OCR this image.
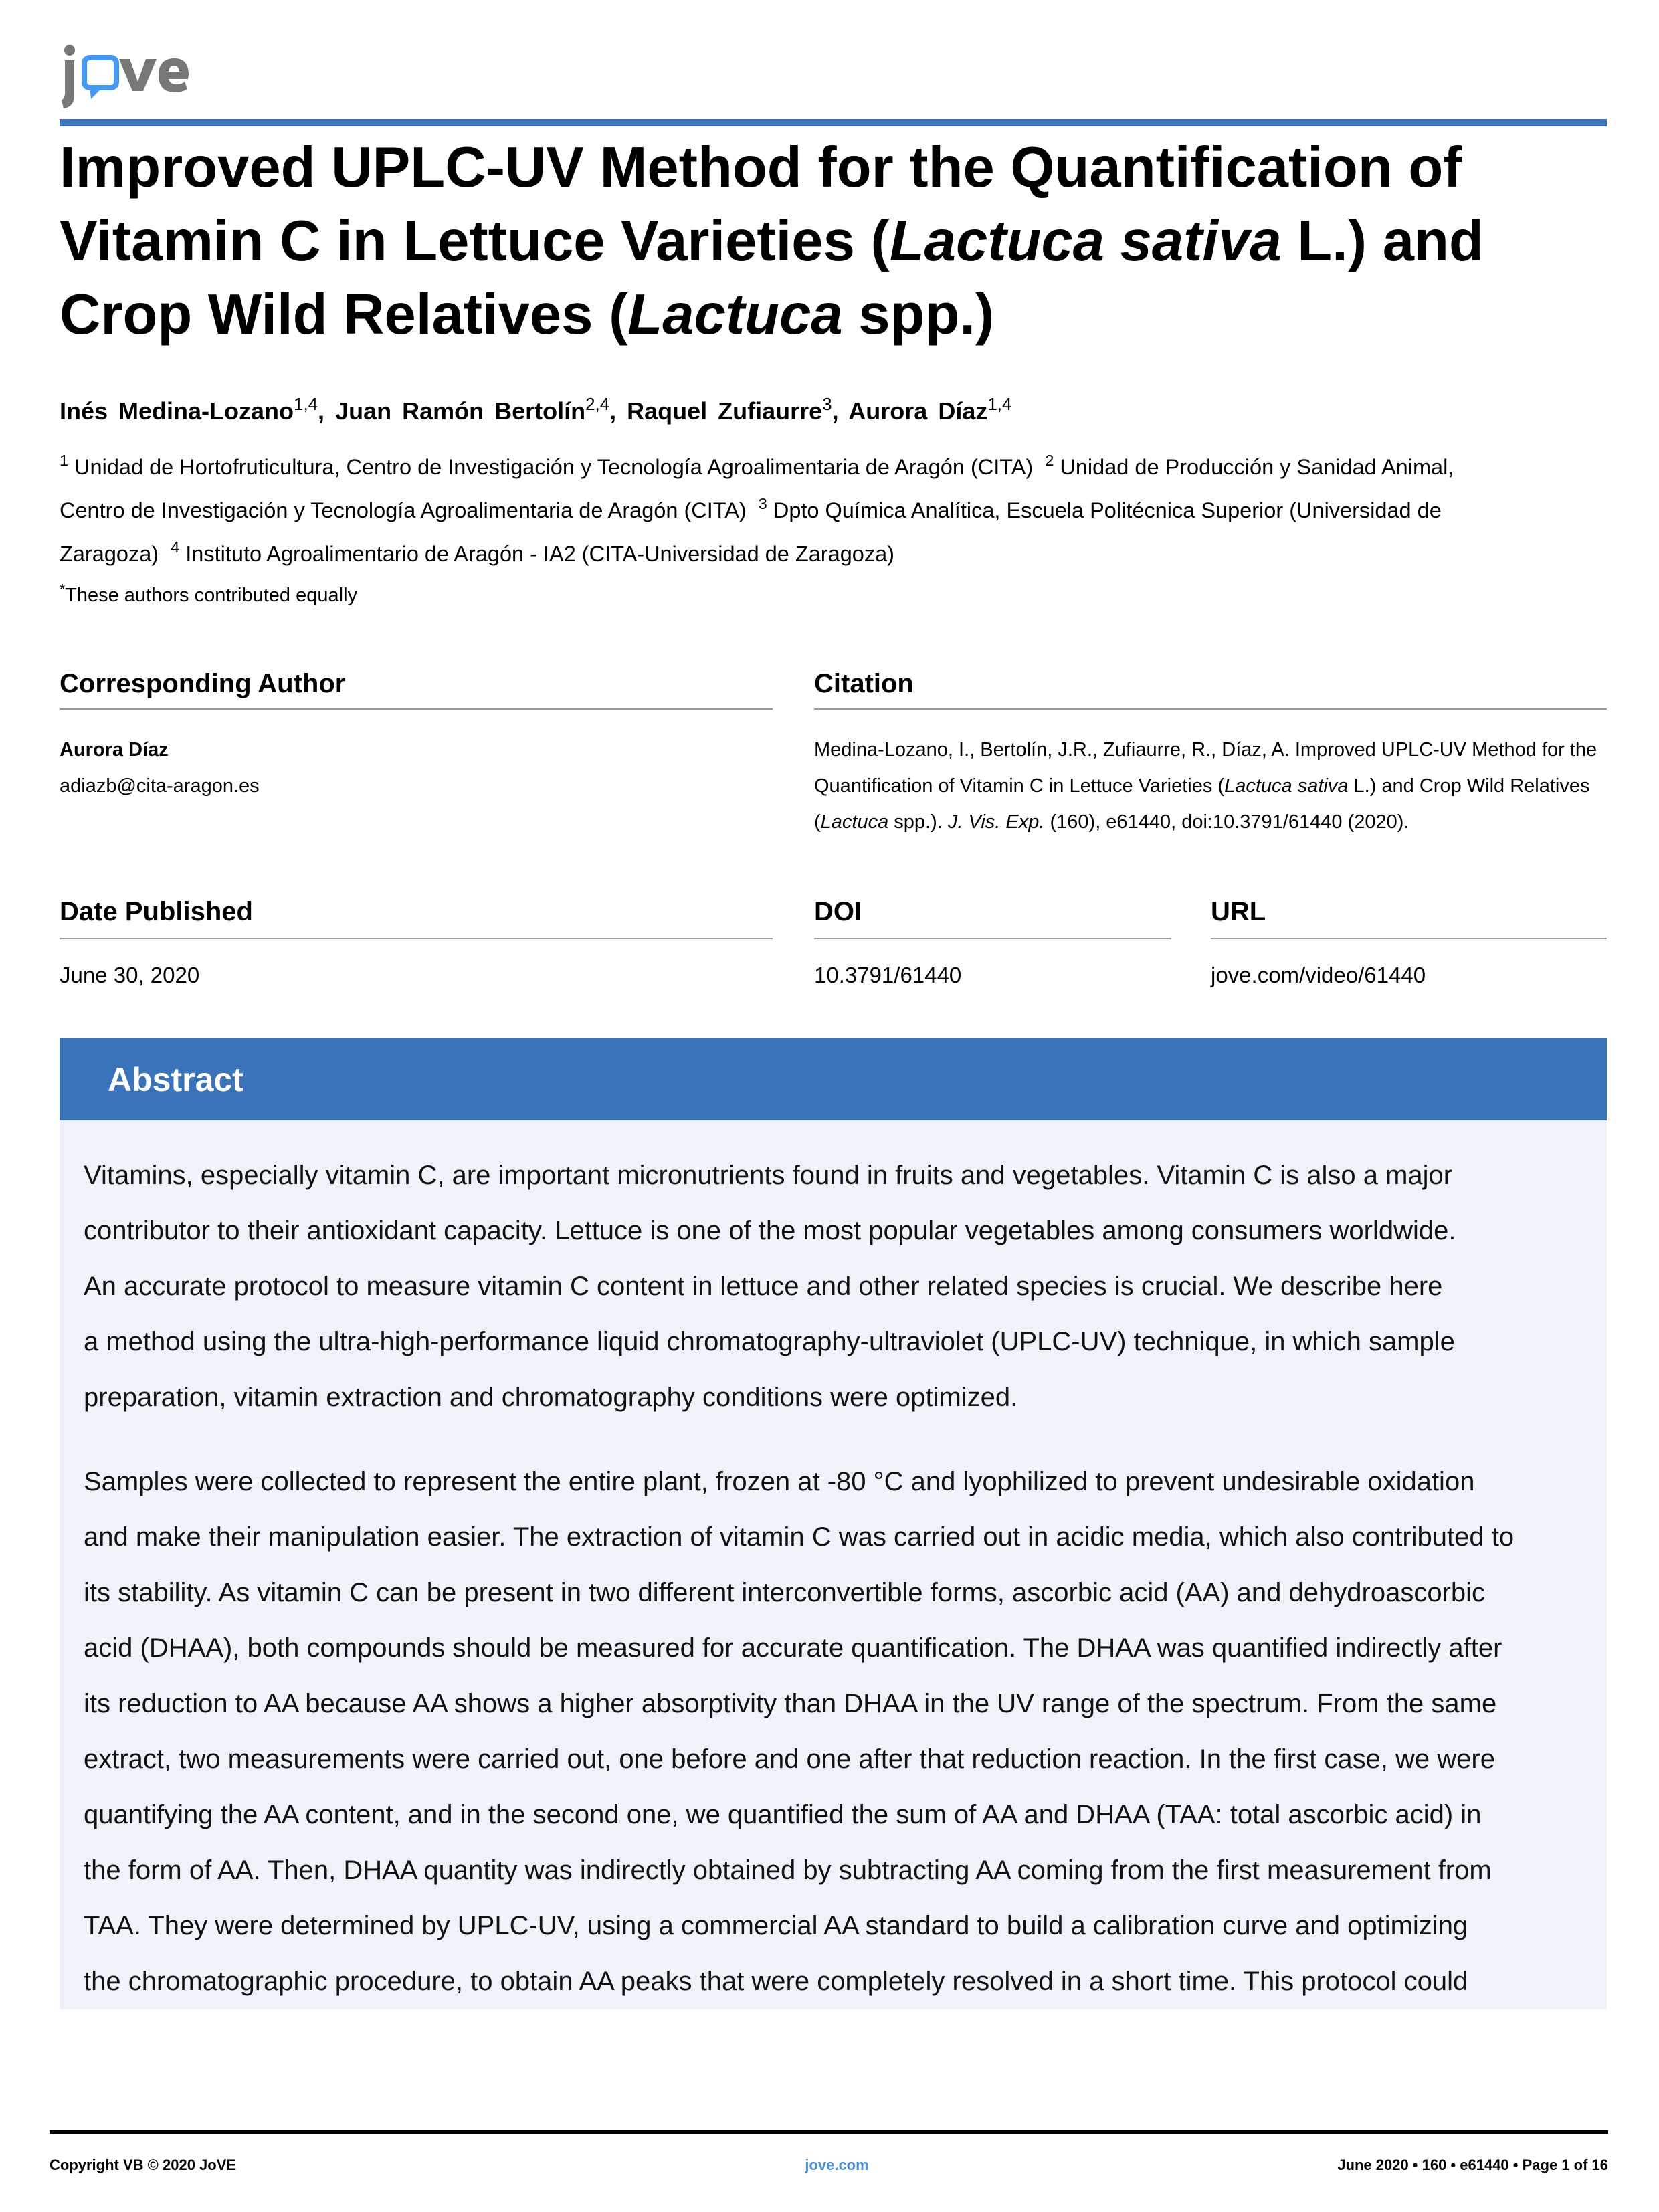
Improved UPLC-UV Method for the Quantification of
Vitamin C in Lettuce Varieties (Lactuca sativa L.) and
Crop Wild Relatives (Lactuca spp.)
Inés Medina-Lozano$^{1,4}$, Juan Ramón Bertolín$^{2,4}$, Raquel Zufiaurre$^3$, Aurora Díaz$^{1,4}$
$^1$ Unidad de Hortofruticultura, Centro de Investigación y Tecnología Agroalimentaria de Aragón (CITA) $^2$ Unidad de Producción y Sanidad Animal,
Centro de Investigación y Tecnología Agroalimentaria de Aragón (CITA) $^3$ Dpto Química Analítica, Escuela Politécnica Superior (Universidad de
Zaragoza) $^4$ Instituto Agroalimentario de Aragón - IA2 (CITA-Universidad de Zaragoza)
*These authors contributed equally
Corresponding Author
Aurora Díaz
adiazb@cita-aragon.es
Citation
Medina-Lozano, I., Bertolín, J.R., Zufiaurre, R., Díaz, A. Improved UPLC-UV Method for the
Quantification of Vitamin C in Lettuce Varieties (Lactuca sativa L.) and Crop Wild Relatives
(Lactuca spp.). J. Vis. Exp. (160), e61440, doi:10.3791/61440 (2020).
Date Published
June 30, 2020
DOI
10.3791/61440
URL
jove.com/video/61440
Abstract
Vitamins, especially vitamin C, are important micronutrients found in fruits and vegetables. Vitamin C is also a major
contributor to their antioxidant capacity. Lettuce is one of the most popular vegetables among consumers worldwide.
An accurate protocol to measure vitamin C content in lettuce and other related species is crucial. We describe here
a method using the ultra-high-performance liquid chromatography-ultraviolet (UPLC-UV) technique, in which sample
preparation, vitamin extraction and chromatography conditions were optimized.
Samples were collected to represent the entire plant, frozen at -80 °C and lyophilized to prevent undesirable oxidation
and make their manipulation easier. The extraction of vitamin C was carried out in acidic media, which also contributed to
its stability. As vitamin C can be present in two different interconvertible forms, ascorbic acid (AA) and dehydroascorbic
acid (DHAA), both compounds should be measured for accurate quantification. The DHAA was quantified indirectly after
its reduction to AA because AA shows a higher absorptivity than DHAA in the UV range of the spectrum. From the same
extract, two measurements were carried out, one before and one after that reduction reaction. In the first case, we were
quantifying the AA content, and in the second one, we quantified the sum of AA and DHAA (TAA: total ascorbic acid) in
the form of AA. Then, DHAA quantity was indirectly obtained by subtracting AA coming from the first measurement from
TAA. They were determined by UPLC-UV, using a commercial AA standard to build a calibration curve and optimizing
the chromatographic procedure, to obtain AA peaks that were completely resolved in a short time. This protocol could
Copyright VB © 2020 JoVE	jove.com	June 2020 • 160 • e61440 • Page 1 of 16
